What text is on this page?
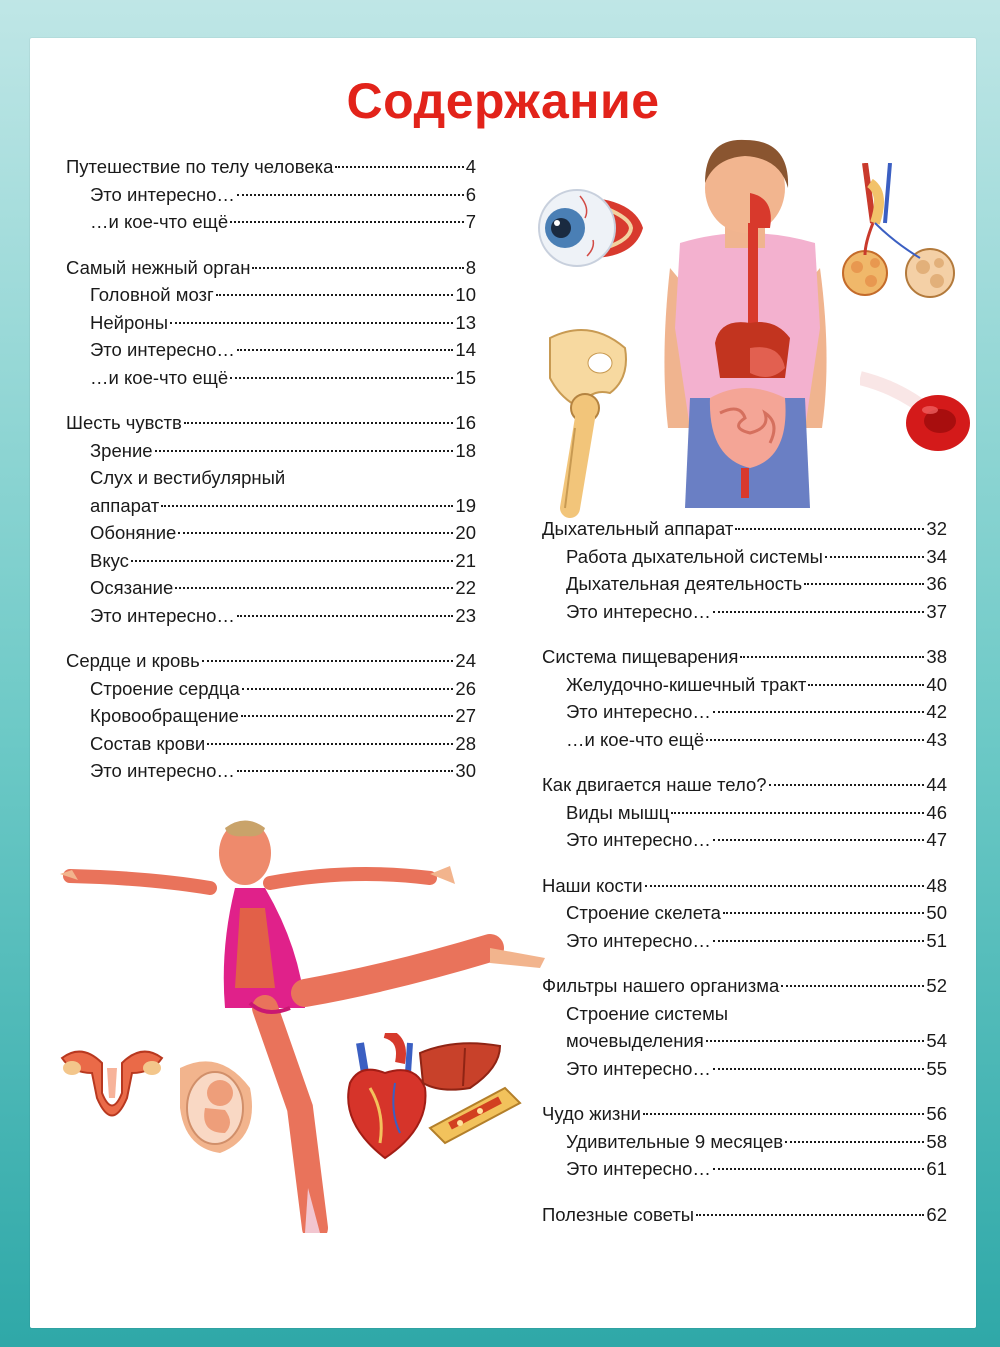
Содержание
Путешествие по телу человека	4
Это интересно…	6
…и кое-что ещё	7
Самый нежный орган	8
Головной мозг	10
Нейроны	13
Это интересно…	14
…и кое-что ещё	15
Шесть чувств	16
Зрение	18
Слух и вестибулярный
аппарат	19
Обоняние	20
Вкус	21
Осязание	22
Это интересно…	23
Сердце и кровь	24
Строение сердца	26
Кровообращение	27
Состав крови	28
Это интересно…	30
Дыхательный аппарат	32
Работа дыхательной системы	34
Дыхательная деятельность	36
Это интересно…	37
Система пищеварения	38
Желудочно-кишечный тракт	40
Это интересно…	42
…и кое-что ещё	43
Как двигается наше тело?	44
Виды мышц	46
Это интересно…	47
Наши кости	48
Строение скелета	50
Это интересно…	51
Фильтры нашего организма	52
Строение системы
мочевыделения	54
Это интересно…	55
Чудо жизни	56
Удивительные 9 месяцев	58
Это интересно…	61
Полезные советы	62
